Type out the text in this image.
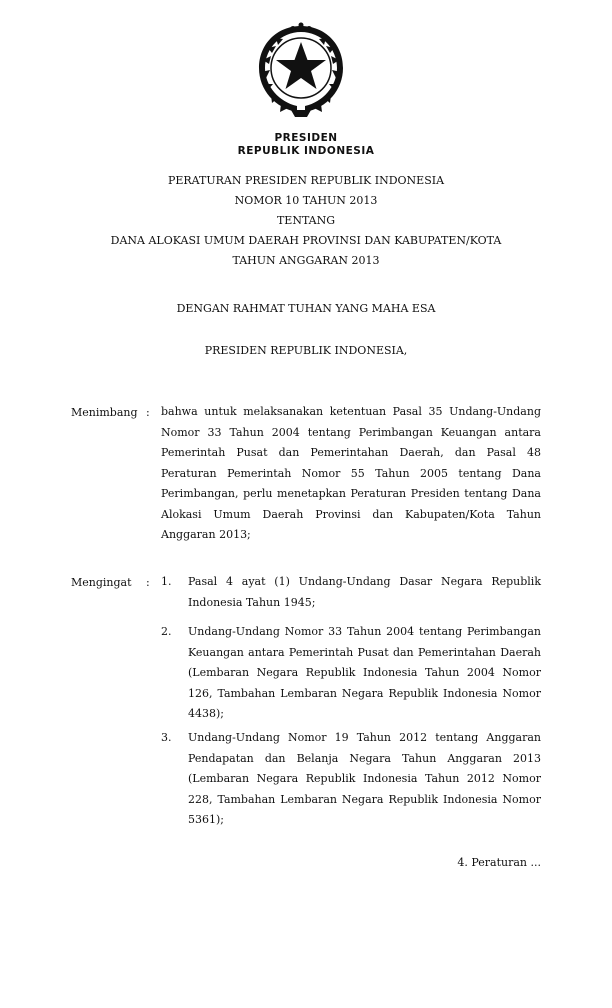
PRESIDEN
REPUBLIK INDONESIA
PERATURAN PRESIDEN REPUBLIK INDONESIA
NOMOR 10 TAHUN 2013
TENTANG
DANA ALOKASI UMUM DAERAH PROVINSI DAN KABUPATEN/KOTA
TAHUN ANGGARAN 2013
DENGAN RAHMAT TUHAN YANG MAHA ESA
PRESIDEN REPUBLIK INDONESIA,
Menimbang : bahwa untuk melaksanakan ketentuan Pasal 35 Undang-Undang Nomor 33 Tahun 2004 tentang Perimbangan Keuangan antara Pemerintah Pusat dan Pemerintahan Daerah, dan Pasal 48 Peraturan Pemerintah Nomor 55 Tahun 2005 tentang Dana Perimbangan, perlu menetapkan Peraturan Presiden tentang Dana Alokasi Umum Daerah Provinsi dan Kabupaten/Kota Tahun Anggaran 2013;
Mengingat : 1. Pasal 4 ayat (1) Undang-Undang Dasar Negara Republik Indonesia Tahun 1945;
2. Undang-Undang Nomor 33 Tahun 2004 tentang Perimbangan Keuangan antara Pemerintah Pusat dan Pemerintahan Daerah (Lembaran Negara Republik Indonesia Tahun 2004 Nomor 126, Tambahan Lembaran Negara Republik Indonesia Nomor 4438);
3. Undang-Undang Nomor 19 Tahun 2012 tentang Anggaran Pendapatan dan Belanja Negara Tahun Anggaran 2013 (Lembaran Negara Republik Indonesia Tahun 2012 Nomor 228, Tambahan Lembaran Negara Republik Indonesia Nomor 5361);
4. Peraturan ...
